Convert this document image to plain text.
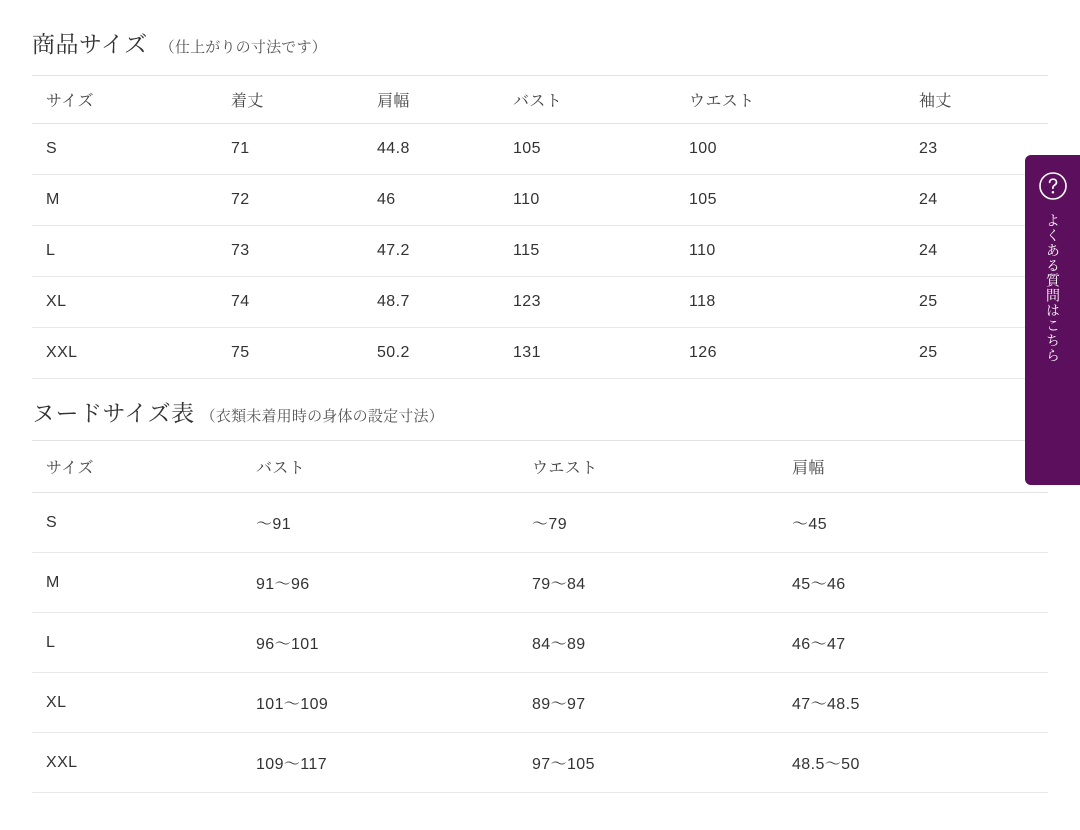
商品サイズ （仕上がりの寸法です）
サイズ	着丈	肩幅	バスト	ウエスト	袖丈
S	71	44.8	105	100	23
M	72	46	110	105	24
L	73	47.2	115	110	24
XL	74	48.7	123	118	25
XXL	75	50.2	131	126	25
ヌードサイズ表 （衣類未着用時の身体の設定寸法）
サイズ	バスト	ウエスト	肩幅
S	〜91	〜79	〜45
M	91〜96	79〜84	45〜46
L	96〜101	84〜89	46〜47
XL	101〜109	89〜97	47〜48.5
XXL	109〜117	97〜105	48.5〜50
よくある質問はこちら
